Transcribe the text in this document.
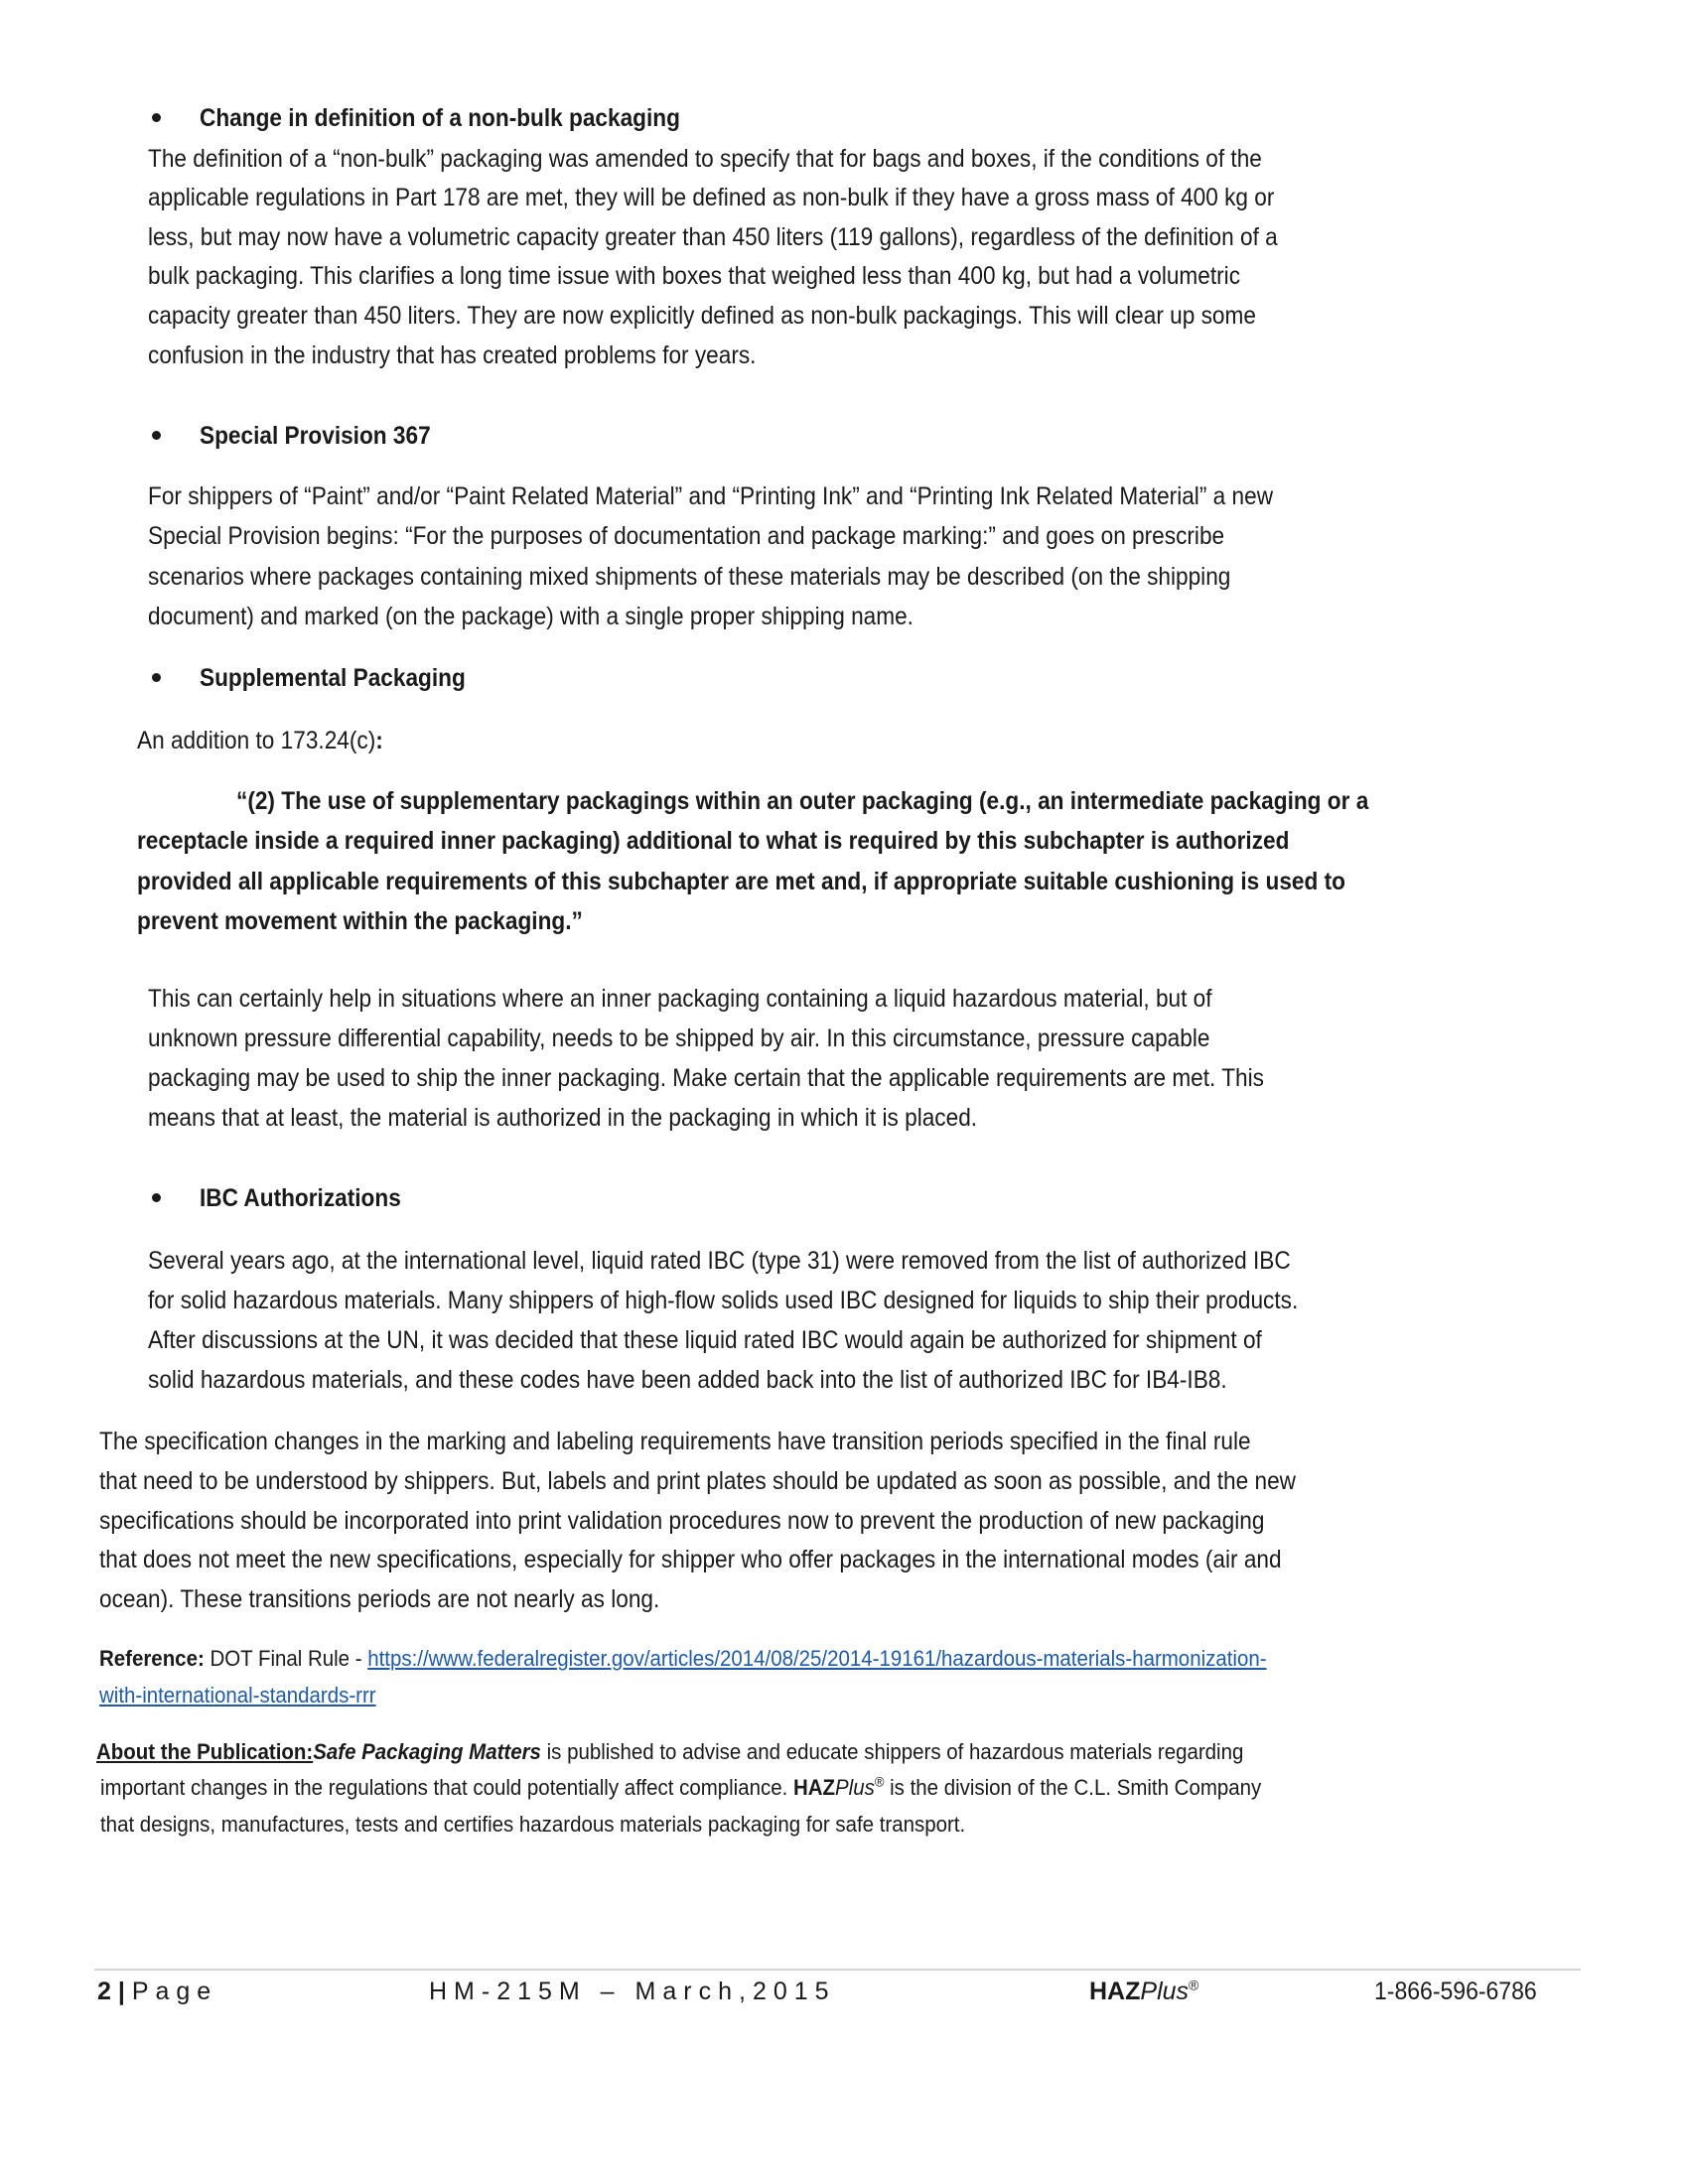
Change in definition of a non-bulk packaging
The definition of a “non-bulk” packaging was amended to specify that for bags and boxes, if the conditions of the
applicable regulations in Part 178 are met, they will be defined as non-bulk if they have a gross mass of 400 kg or
less, but may now have a volumetric capacity greater than 450 liters (119 gallons), regardless of the definition of a
bulk packaging. This clarifies a long time issue with boxes that weighed less than 400 kg, but had a volumetric
capacity greater than 450 liters. They are now explicitly defined as non-bulk packagings. This will clear up some
confusion in the industry that has created problems for years.
Special Provision 367
For shippers of “Paint” and/or “Paint Related Material” and “Printing Ink” and “Printing Ink Related Material” a new
Special Provision begins: “For the purposes of documentation and package marking:” and goes on prescribe
scenarios where packages containing mixed shipments of these materials may be described (on the shipping
document) and marked (on the package) with a single proper shipping name.
Supplemental Packaging
An addition to 173.24(c):
“(2) The use of supplementary packagings within an outer packaging (e.g., an intermediate packaging or a
receptacle inside a required inner packaging) additional to what is required by this subchapter is authorized
provided all applicable requirements of this subchapter are met and, if appropriate suitable cushioning is used to
prevent movement within the packaging.”
This can certainly help in situations where an inner packaging containing a liquid hazardous material, but of
unknown pressure differential capability, needs to be shipped by air. In this circumstance, pressure capable
packaging may be used to ship the inner packaging. Make certain that the applicable requirements are met. This
means that at least, the material is authorized in the packaging in which it is placed.
IBC Authorizations
Several years ago, at the international level, liquid rated IBC (type 31) were removed from the list of authorized IBC
for solid hazardous materials. Many shippers of high-flow solids used IBC designed for liquids to ship their products.
After discussions at the UN, it was decided that these liquid rated IBC would again be authorized for shipment of
solid hazardous materials, and these codes have been added back into the list of authorized IBC for IB4-IB8.
The specification changes in the marking and labeling requirements have transition periods specified in the final rule
that need to be understood by shippers. But, labels and print plates should be updated as soon as possible, and the new
specifications should be incorporated into print validation procedures now to prevent the production of new packaging
that does not meet the new specifications, especially for shipper who offer packages in the international modes (air and
ocean). These transitions periods are not nearly as long.
Reference: DOT Final Rule - https://www.federalregister.gov/articles/2014/08/25/2014-19161/hazardous-materials-harmonization-
with-international-standards-rrr
About the Publication:Safe Packaging Matters is published to advise and educate shippers of hazardous materials regarding
important changes in the regulations that could potentially affect compliance. HAZPlus® is the division of the C.L. Smith Company
that designs, manufactures, tests and certifies hazardous materials packaging for safe transport.
2 | Page	HM-215M – March,2015	HAZPlus®	1-866-596-6786
